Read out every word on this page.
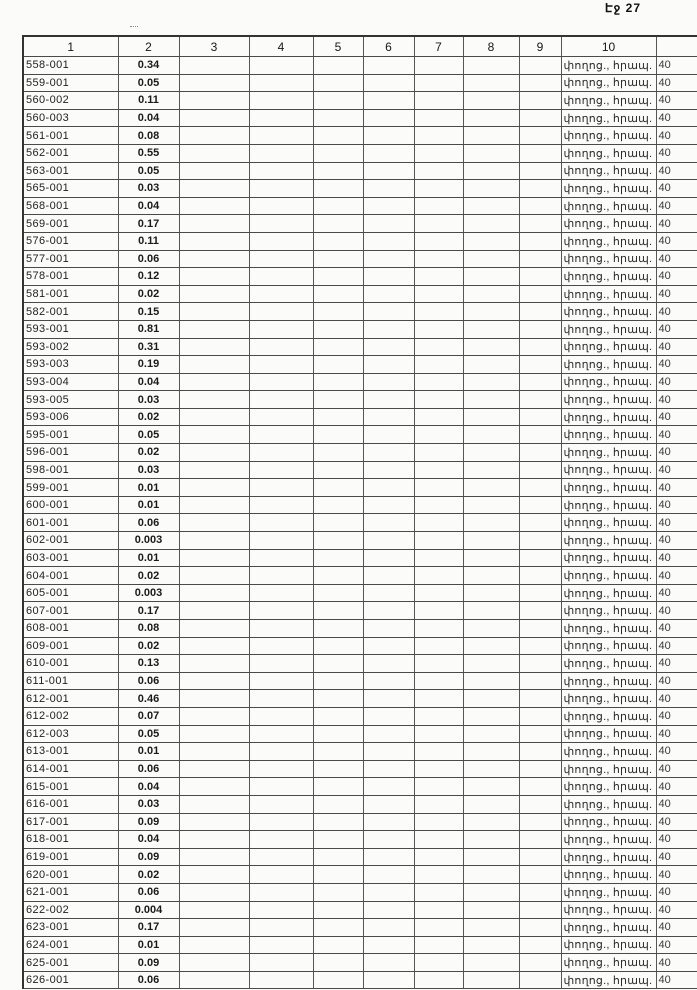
Էջ 27
1	2	3	4	5	6	7	8	9	10	
558-001	0.34								փողոց., հրապ.	40
559-001	0.05								փողոց., հրապ.	40
560-002	0.11								փողոց., հրապ.	40
560-003	0.04								փողոց., հրապ.	40
561-001	0.08								փողոց., հրապ.	40
562-001	0.55								փողոց., հրապ.	40
563-001	0.05								փողոց., հրապ.	40
565-001	0.03								փողոց., հրապ.	40
568-001	0.04								փողոց., հրապ.	40
569-001	0.17								փողոց., հրապ.	40
576-001	0.11								փողոց., հրապ.	40
577-001	0.06								փողոց., հրապ.	40
578-001	0.12								փողոց., հրապ.	40
581-001	0.02								փողոց., հրապ.	40
582-001	0.15								փողոց., հրապ.	40
593-001	0.81								փողոց., հրապ.	40
593-002	0.31								փողոց., հրապ.	40
593-003	0.19								փողոց., հրապ.	40
593-004	0.04								փողոց., հրապ.	40
593-005	0.03								փողոց., հրապ.	40
593-006	0.02								փողոց., հրապ.	40
595-001	0.05								փողոց., հրապ.	40
596-001	0.02								փողոց., հրապ.	40
598-001	0.03								փողոց., հրապ.	40
599-001	0.01								փողոց., հրապ.	40
600-001	0.01								փողոց., հրապ.	40
601-001	0.06								փողոց., հրապ.	40
602-001	0.003								փողոց., հրապ.	40
603-001	0.01								փողոց., հրապ.	40
604-001	0.02								փողոց., հրապ.	40
605-001	0.003								փողոց., հրապ.	40
607-001	0.17								փողոց., հրապ.	40
608-001	0.08								փողոց., հրապ.	40
609-001	0.02								փողոց., հրապ.	40
610-001	0.13								փողոց., հրապ.	40
611-001	0.06								փողոց., հրապ.	40
612-001	0.46								փողոց., հրապ.	40
612-002	0.07								փողոց., հրապ.	40
612-003	0.05								փողոց., հրապ.	40
613-001	0.01								փողոց., հրապ.	40
614-001	0.06								փողոց., հրապ.	40
615-001	0.04								փողոց., հրապ.	40
616-001	0.03								փողոց., հրապ.	40
617-001	0.09								փողոց., հրապ.	40
618-001	0.04								փողոց., հրապ.	40
619-001	0.09								փողոց., հրապ.	40
620-001	0.02								փողոց., հրապ.	40
621-001	0.06								փողոց., հրապ.	40
622-002	0.004								փողոց., հրապ.	40
623-001	0.17								փողոց., հրապ.	40
624-001	0.01								փողոց., հրապ.	40
625-001	0.09								փողոց., հրապ.	40
626-001	0.06								փողոց., հրապ.	40
